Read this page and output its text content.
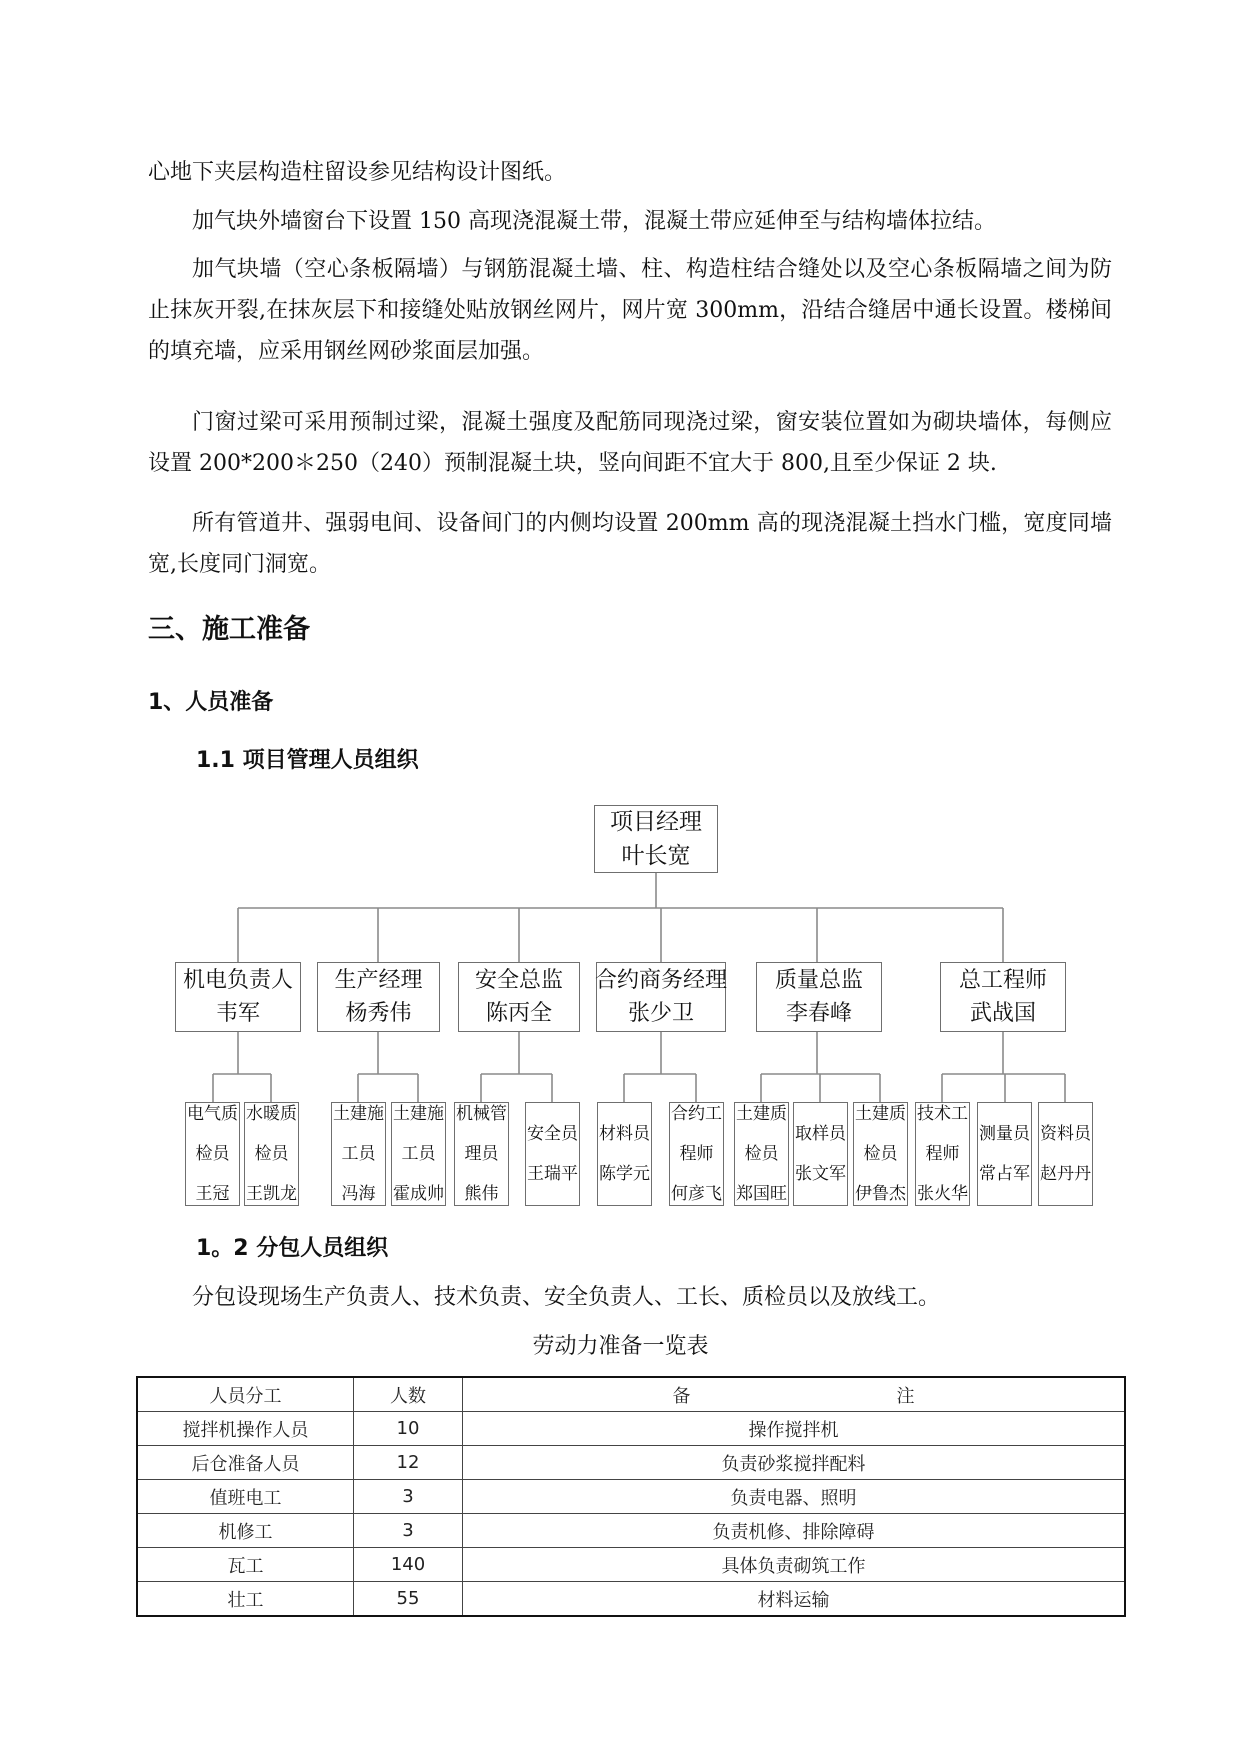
心地下夹层构造柱留设参见结构设计图纸。

加气块外墙窗台下设置 150 高现浇混凝土带，混凝土带应延伸至与结构墙体拉结。

加气块墙（空心条板隔墙）与钢筋混凝土墙、柱、构造柱结合缝处以及空心条板隔墙之间为防止抹灰开裂,在抹灰层下和接缝处贴放钢丝网片，网片宽 300mm，沿结合缝居中通长设置。楼梯间的填充墙，应采用钢丝网砂浆面层加强。

门窗过梁可采用预制过梁，混凝土强度及配筋同现浇过梁，窗安装位置如为砌块墙体，每侧应设置 200*200＊250（240）预制混凝土块，竖向间距不宜大于 800,且至少保证 2 块.

所有管道井、强弱电间、设备间门的内侧均设置 200mm 高的现浇混凝土挡水门槛，宽度同墙宽,长度同门洞宽。

三、施工准备
1、人员准备
1.1 项目管理人员组织
项目经理
叶长宽
机电负责人
韦军
生产经理
杨秀伟
安全总监
陈丙全
合约商务经理
张少卫
质量总监
李春峰
总工程师
武战国
电气质
检员
王冠
水暖质
检员
王凯龙
土建施
工员
冯海
土建施
工员
霍成帅
机械管
理员
熊伟
安全员
王瑞平
材料员
陈学元
合约工
程师
何彦飞
土建质
检员
郑国旺
取样员
张文军
土建质
检员
伊鲁杰
技术工
程师
张火华
测量员
常占军
资料员
赵丹丹
1。2 分包人员组织

分包设现场生产负责人、技术负责、安全负责人、工长、质检员以及放线工。

劳动力准备一览表

人员分工	人数	备 注
搅拌机操作人员	10	操作搅拌机
后仓准备人员	12	负责砂浆搅拌配料
值班电工	3	负责电器、照明
机修工	3	负责机修、排除障碍
瓦工	140	具体负责砌筑工作
壮工	55	材料运输
